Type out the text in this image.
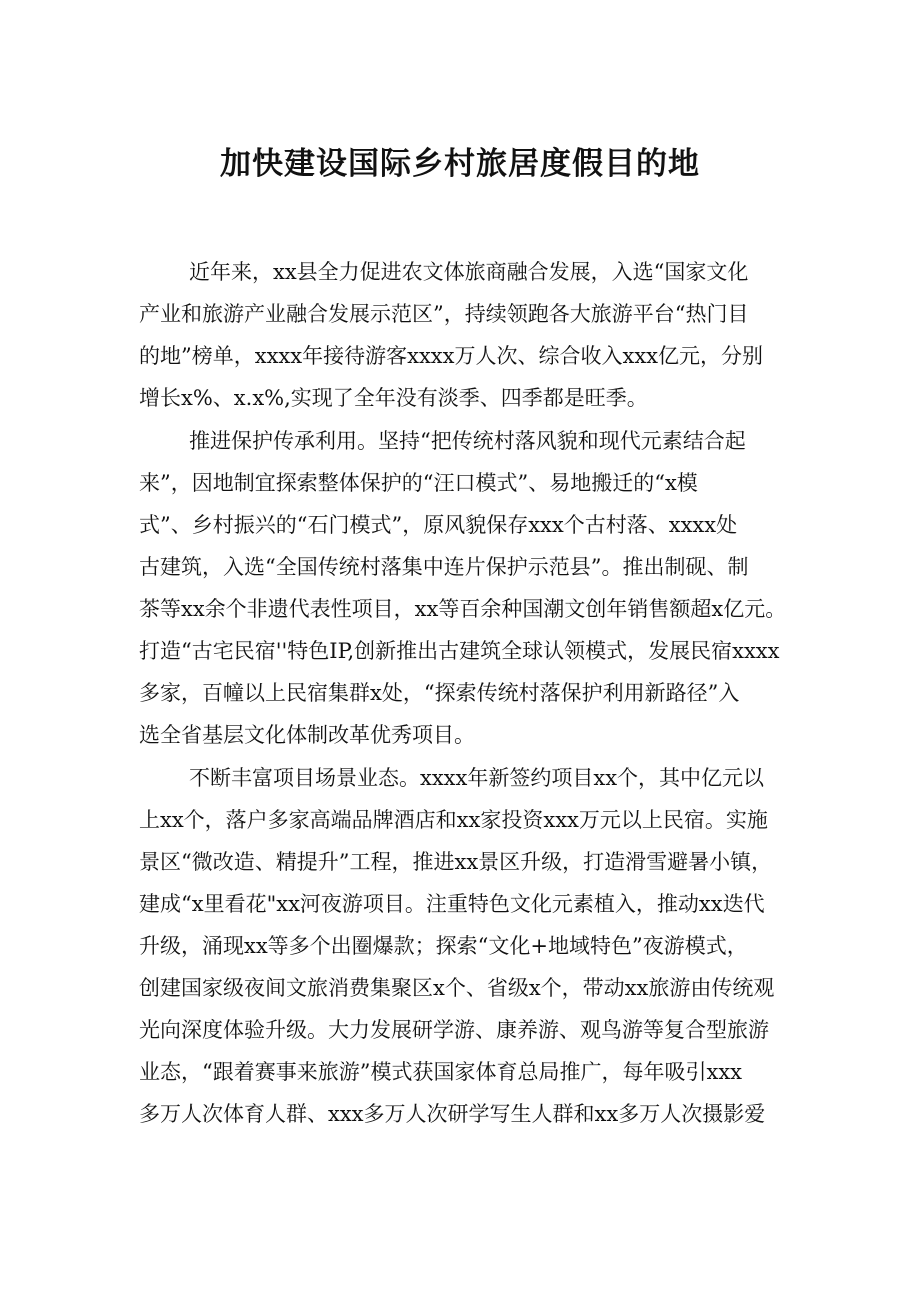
加快建设国际乡村旅居度假目的地

近年来，xx县全力促进农文体旅商融合发展，入选“国家文化

产业和旅游产业融合发展示范区”，持续领跑各大旅游平台“热门目

的地”榜单，xxxx年接待游客xxxx万人次、综合收入xxx亿元，分别

增长x%、x.x%,实现了全年没有淡季、四季都是旺季。

推进保护传承利用。坚持“把传统村落风貌和现代元素结合起

来”，因地制宜探索整体保护的“汪口模式”、易地搬迁的“x模

式”、乡村振兴的“石门模式”，原风貌保存xxx个古村落、xxxx处

古建筑，入选“全国传统村落集中连片保护示范县”。推出制砚、制

茶等xx余个非遗代表性项目，xx等百余种国潮文创年销售额超x亿元。

打造“古宅民宿''特色IP,创新推出古建筑全球认领模式，发展民宿xxxx

多家，百幢以上民宿集群x处，“探索传统村落保护利用新路径”入

选全省基层文化体制改革优秀项目。

不断丰富项目场景业态。xxxx年新签约项目xx个，其中亿元以

上xx个，落户多家高端品牌酒店和xx家投资xxx万元以上民宿。实施

景区“微改造、精提升”工程，推进xx景区升级，打造滑雪避暑小镇，

建成“x里看花"xx河夜游项目。注重特色文化元素植入，推动xx迭代

升级，涌现xx等多个出圈爆款；探索“文化+地域特色”夜游模式，

创建国家级夜间文旅消费集聚区x个、省级x个，带动xx旅游由传统观

光向深度体验升级。大力发展研学游、康养游、观鸟游等复合型旅游

业态，“跟着赛事来旅游”模式获国家体育总局推广，每年吸引xxx

多万人次体育人群、xxx多万人次研学写生人群和xx多万人次摄影爱
